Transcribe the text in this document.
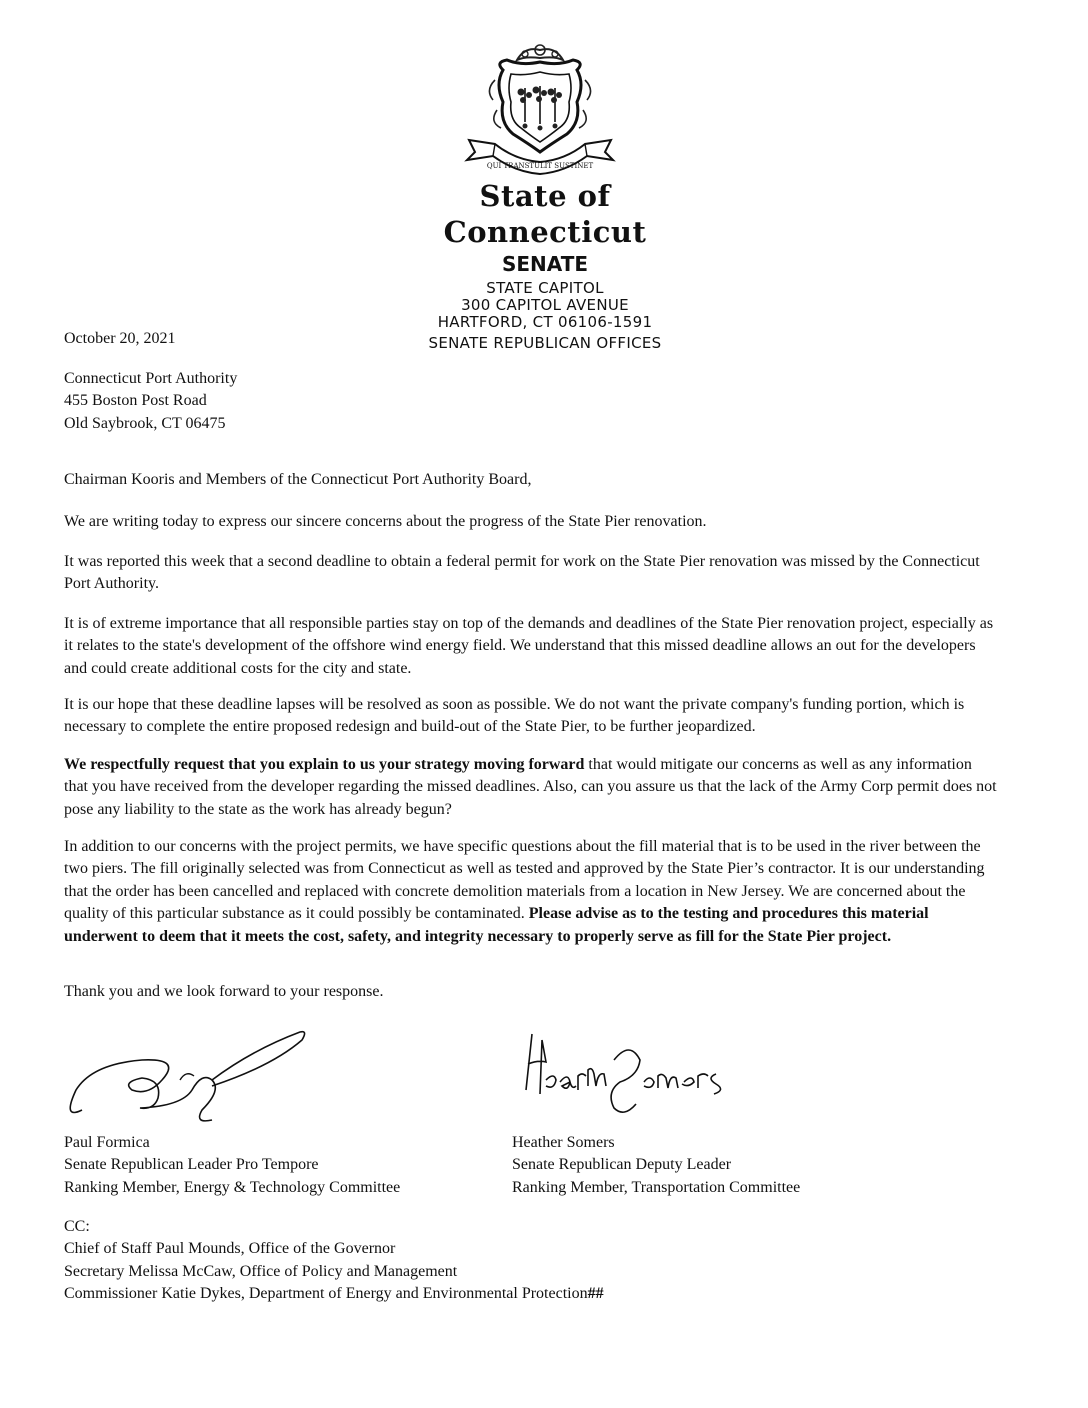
QUI TRANSTULIT SUSTINET
State of Connecticut
SENATE
STATE CAPITOL
300 CAPITOL AVENUE
HARTFORD, CT 06106-1591
SENATE REPUBLICAN OFFICES

October 20, 2021

Connecticut Port Authority

455 Boston Post Road

Old Saybrook, CT 06475

Chairman Kooris and Members of the Connecticut Port Authority Board,

We are writing today to express our sincere concerns about the progress of the State Pier renovation.

It was reported this week that a second deadline to obtain a federal permit for work on the State Pier renovation was missed by the Connecticut Port Authority.

It is of extreme importance that all responsible parties stay on top of the demands and deadlines of the State Pier renovation project, especially as it relates to the state's development of the offshore wind energy field. We understand that this missed deadline allows an out for the developers and could create additional costs for the city and state.

It is our hope that these deadline lapses will be resolved as soon as possible. We do not want the private company's funding portion, which is necessary to complete the entire proposed redesign and build-out of the State Pier, to be further jeopardized.

We respectfully request that you explain to us your strategy moving forward that would mitigate our concerns as well as any information that you have received from the developer regarding the missed deadlines. Also, can you assure us that the lack of the Army Corp permit does not pose any liability to the state as the work has already begun?

In addition to our concerns with the project permits, we have specific questions about the fill material that is to be used in the river between the two piers. The fill originally selected was from Connecticut as well as tested and approved by the State Pier’s contractor. It is our understanding that the order has been cancelled and replaced with concrete demolition materials from a location in New Jersey. We are concerned about the quality of this particular substance as it could possibly be contaminated. Please advise as to the testing and procedures this material underwent to deem that it meets the cost, safety, and integrity necessary to properly serve as fill for the State Pier project.

Thank you and we look forward to your response.

Paul Formica
Senate Republican Leader Pro Tempore
Ranking Member, Energy & Technology Committee
Heather Somers
Senate Republican Deputy Leader
Ranking Member, Transportation Committee
CC:
Chief of Staff Paul Mounds, Office of the Governor
Secretary Melissa McCaw, Office of Policy and Management
Commissioner Katie Dykes, Department of Energy and Environmental Protection##
